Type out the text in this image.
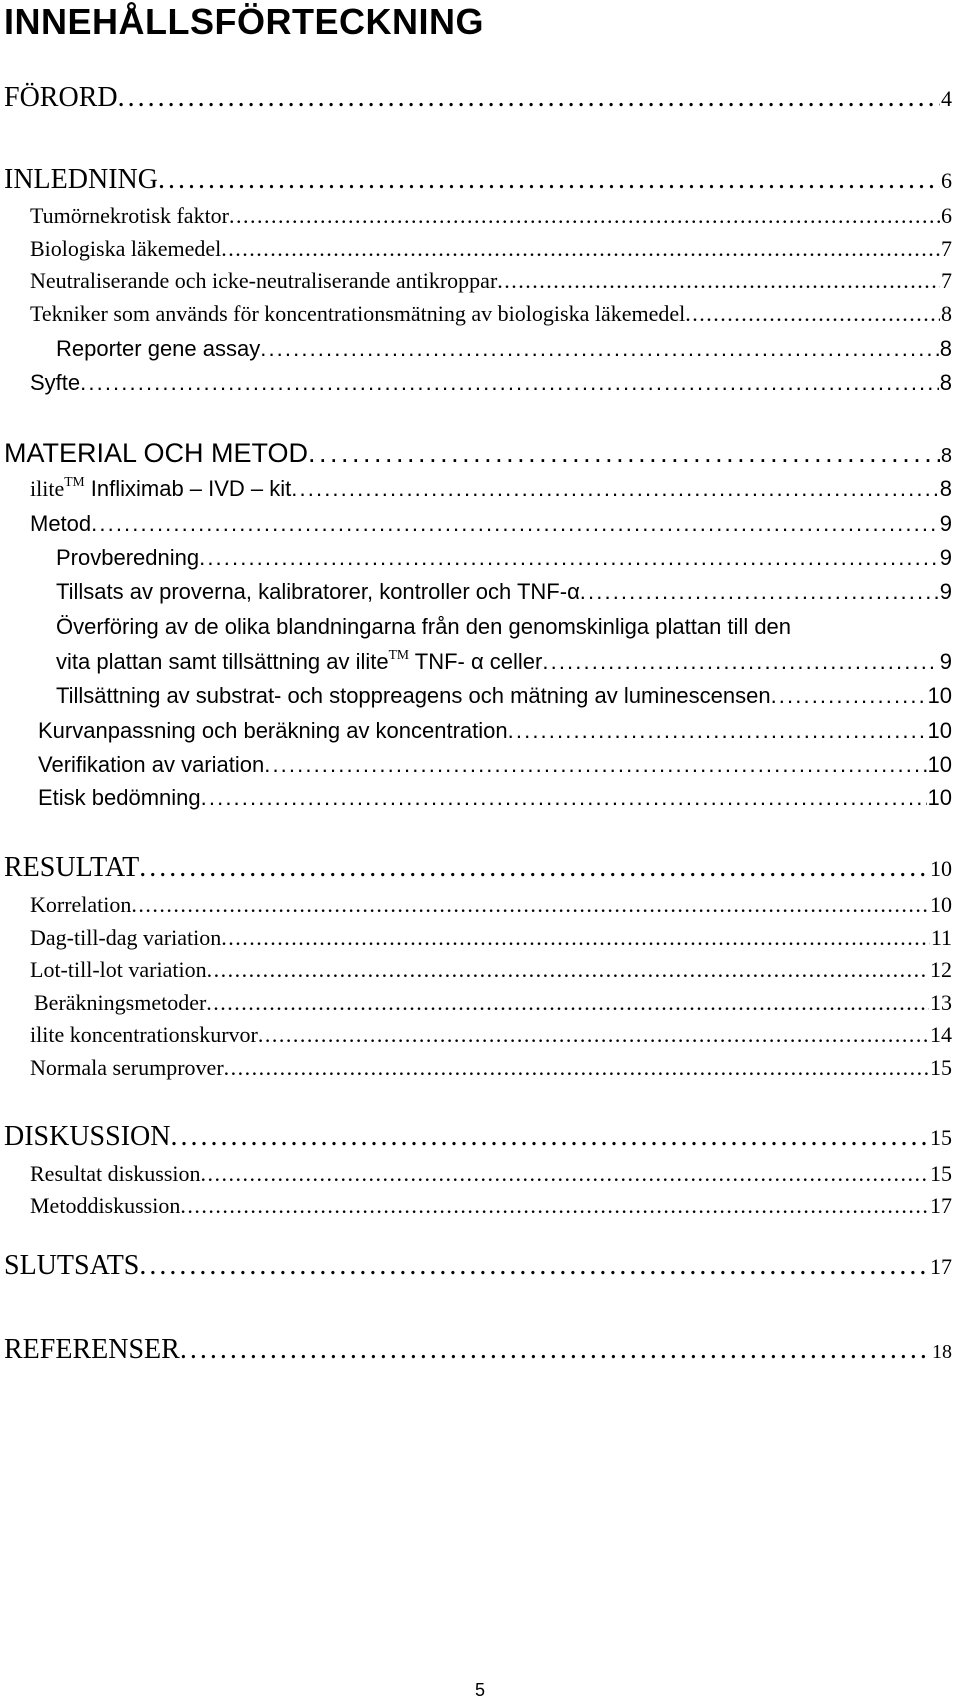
INNEHÅLLSFÖRTECKNING
FÖRORD . . .	4
INLEDNING . . .	6
Tumörnekrotisk faktor . . .	6
Biologiska läkemedel . . .	7
Neutraliserande och icke-neutraliserande antikroppar . . .	7
Tekniker som används för koncentrationsmätning av biologiska läkemedel . . .	8
Reporter gene assay . . .	8
Syfte . . .	8
MATERIAL OCH METOD . . .	8
ilite™ Infliximab – IVD – kit . . .	8
Metod . . .	9
Provberedning . . .	9
Tillsats av proverna, kalibratorer, kontroller och TNF-α . . .	9
Överföring av de olika blandningarna från den genomskinliga plattan till den
vita plattan samt tillsättning av ilite™ TNF- α celler . . .	9
Tillsättning av substrat- och stoppreagens och mätning av luminescensen . . .	10
Kurvanpassning och beräkning av koncentration . . .	10
Verifikation av variation . . .	10
Etisk bedömning . . .	10
RESULTAT . . .	10
Korrelation . . .	10
Dag-till-dag variation . . .	11
Lot-till-lot variation . . .	12
Beräkningsmetoder . . .	13
ilite koncentrationskurvor . . .	14
Normala serumprover . . .	15
DISKUSSION . . .	15
Resultat diskussion . . .	15
Metoddiskussion . . .	17
SLUTSATS . . .	17
REFERENSER . . .	18
5
